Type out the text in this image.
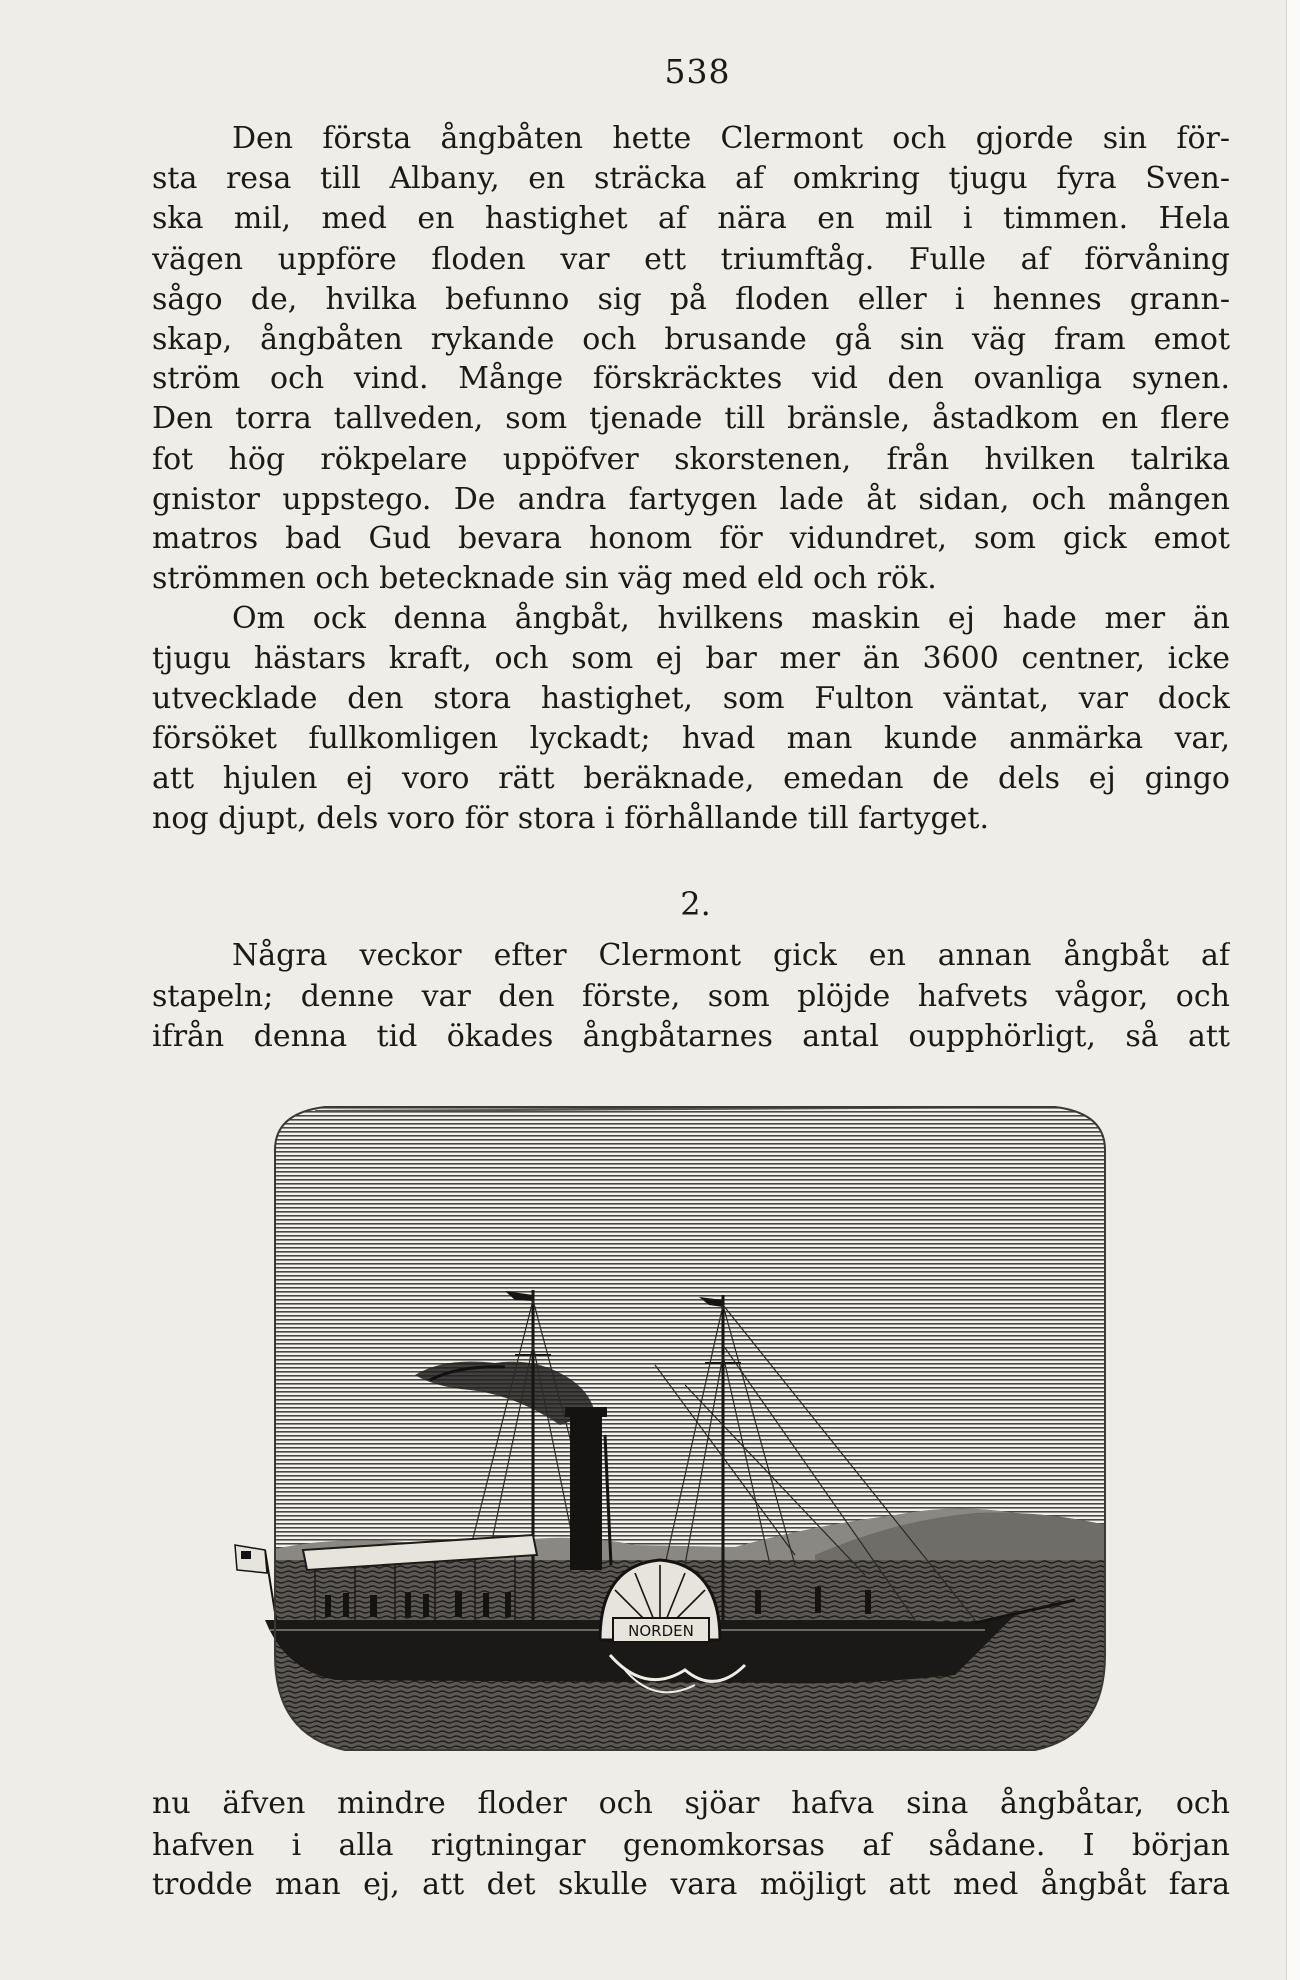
538
Den första ångbåten hette Clermont och gjorde sin för-
sta resa till Albany, en sträcka af omkring tjugu fyra Sven-
ska mil, med en hastighet af nära en mil i timmen. Hela
vägen uppföre floden var ett triumftåg. Fulle af förvåning
sågo de, hvilka befunno sig på floden eller i hennes grann-
skap, ångbåten rykande och brusande gå sin väg fram emot
ström och vind. Månge förskräcktes vid den ovanliga synen.
Den torra tallveden, som tjenade till bränsle, åstadkom en flere
fot hög rökpelare uppöfver skorstenen, från hvilken talrika
gnistor uppstego. De andra fartygen lade åt sidan, och mången
matros bad Gud bevara honom för vidundret, som gick emot
strömmen och betecknade sin väg med eld och rök.
Om ock denna ångbåt, hvilkens maskin ej hade mer än
tjugu hästars kraft, och som ej bar mer än 3600 centner, icke
utvecklade den stora hastighet, som Fulton väntat, var dock
försöket fullkomligen lyckadt; hvad man kunde anmärka var,
att hjulen ej voro rätt beräknade, emedan de dels ej gingo
nog djupt, dels voro för stora i förhållande till fartyget.
2.
Några veckor efter Clermont gick en annan ångbåt af
stapeln; denne var den förste, som plöjde hafvets vågor, och
ifrån denna tid ökades ångbåtarnes antal oupphörligt, så att
NORDEN
nu äfven mindre floder och sjöar hafva sina ångbåtar, och
hafven i alla rigtningar genomkorsas af sådane. I början
trodde man ej, att det skulle vara möjligt att med ångbåt fara
